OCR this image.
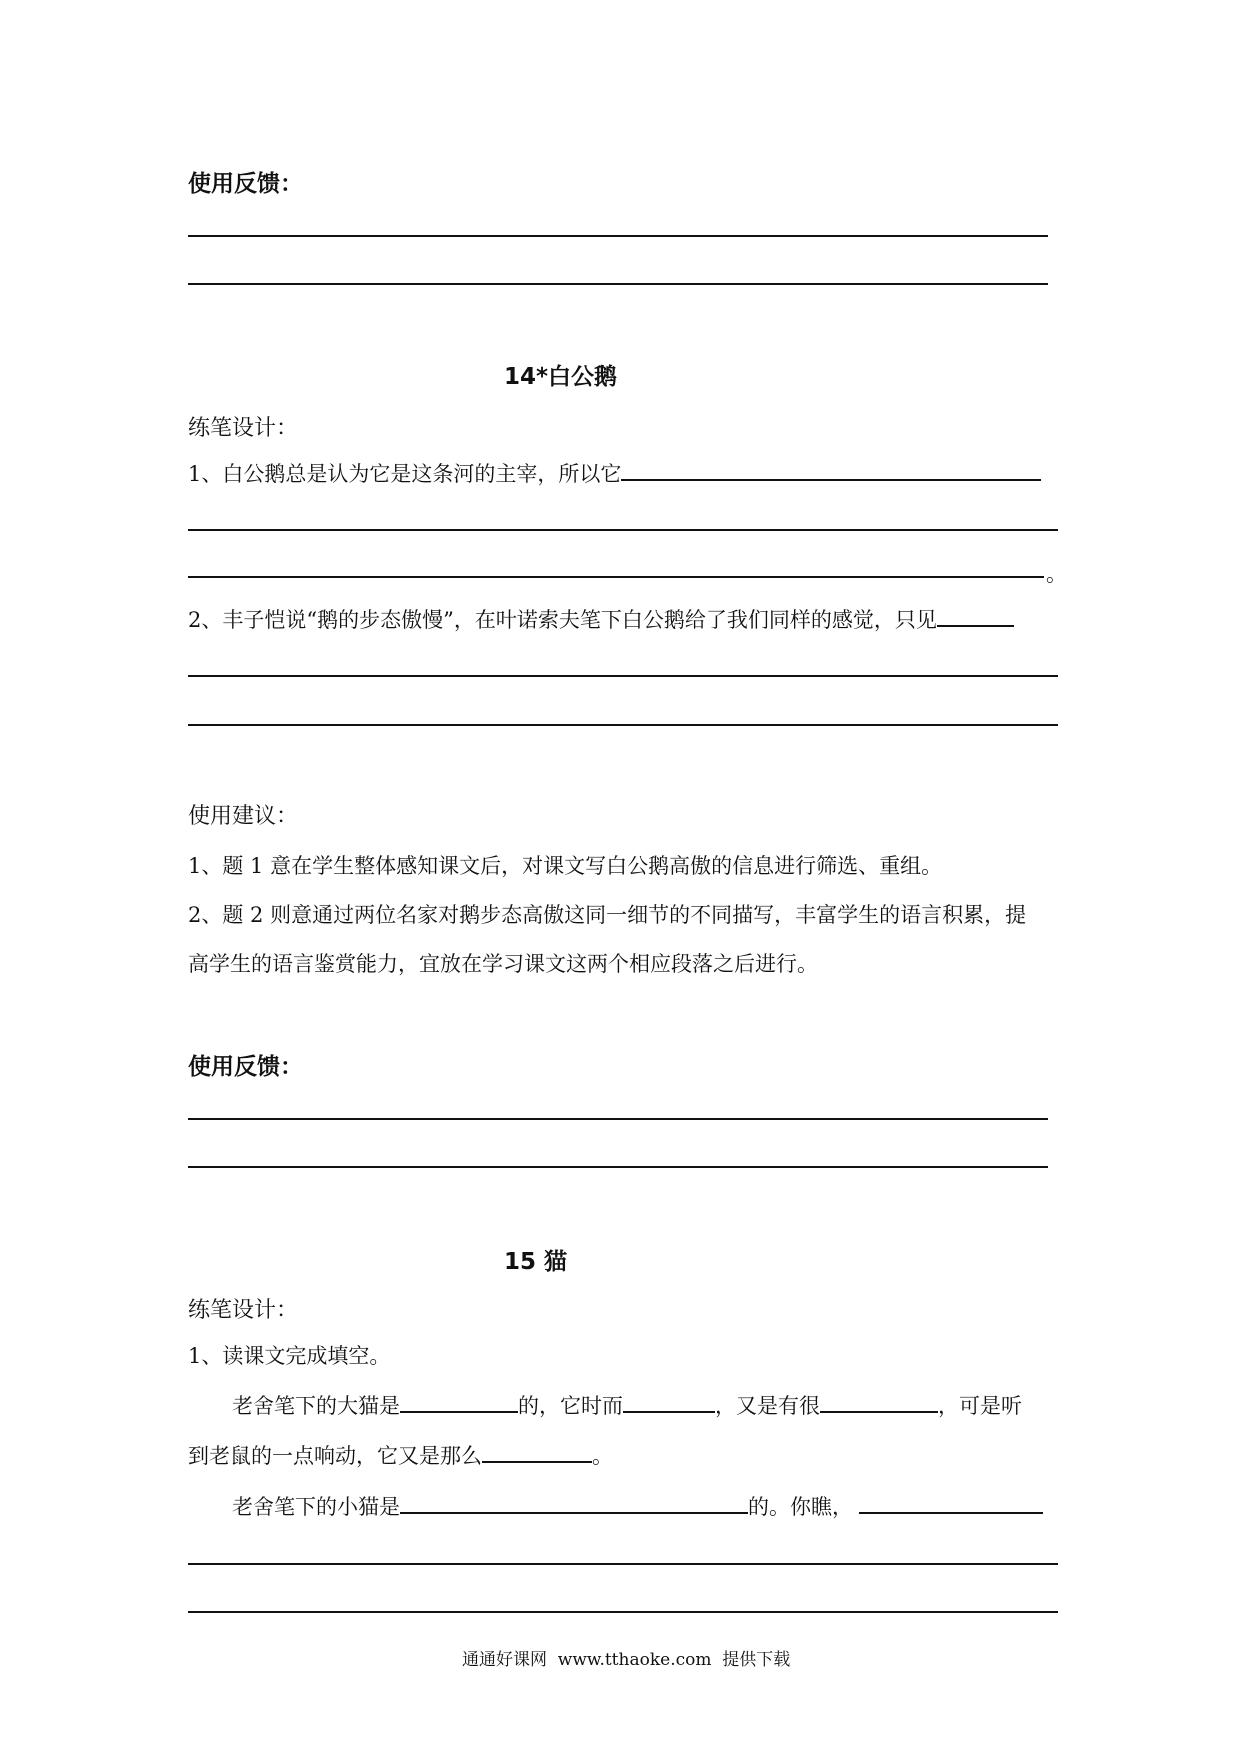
使用反馈：
14*白公鹅
练笔设计：
1、白公鹅总是认为它是这条河的主宰，所以它
。
2、丰子恺说“鹅的步态傲慢”，在叶诺索夫笔下白公鹅给了我们同样的感觉，只见
使用建议：
1、题 1 意在学生整体感知课文后，对课文写白公鹅高傲的信息进行筛选、重组。
2、题 2 则意通过两位名家对鹅步态高傲这同一细节的不同描写，丰富学生的语言积累，提
高学生的语言鉴赏能力，宜放在学习课文这两个相应段落之后进行。
使用反馈：
15 猫
练笔设计：
1、读课文完成填空。
老舍笔下的大猫是	的，它时而	，又是有很	，可是听
到老鼠的一点响动，它又是那么	。
老舍笔下的小猫是	的。你瞧，
通通好课网  www.tthaoke.com  提供下载
